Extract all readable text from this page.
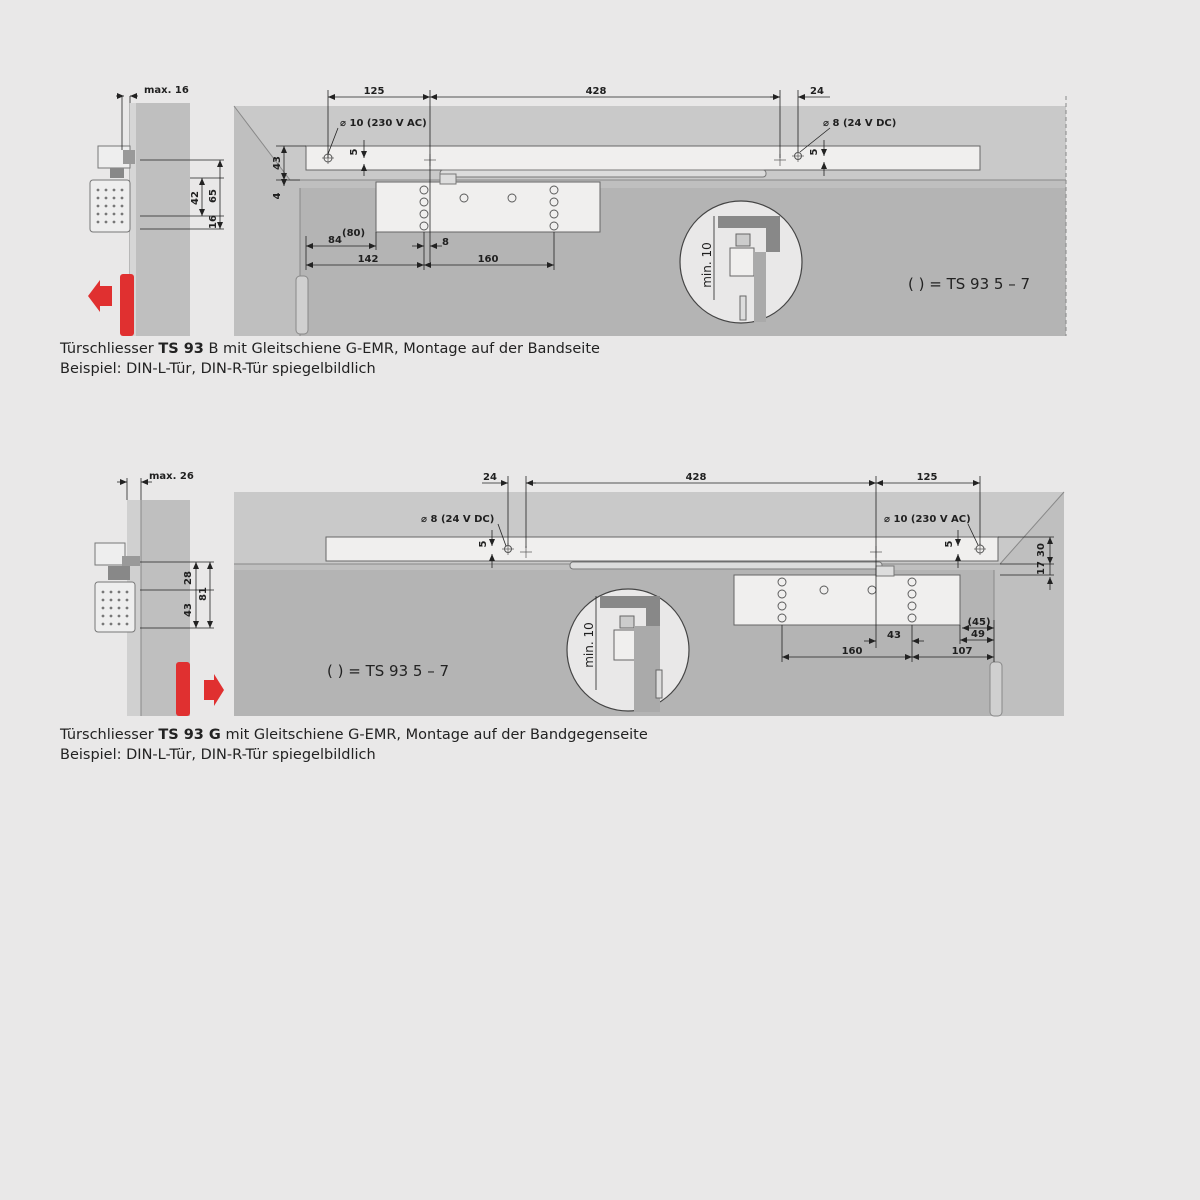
max. 16
65
42
16
125	428	24
⌀ 10 (230 V AC)	⌀ 8 (24 V DC)
5	5
43
4
84
(80)
8
142	160	min. 10	( ) = TS 93 5 – 7
max. 26
28
43
81
24	428	125
⌀ 8 (24 V DC)	⌀ 10 (230 V AC)
5	5	30
17
43	49
(45)
160	107
min. 10
( ) = TS 93 5 – 7
Türschliesser TS 93 B mit Gleitschiene G-EMR, Montage auf der Bandseite
Beispiel: DIN-L-Tür, DIN-R-Tür spiegelbildlich
Türschliesser TS 93 G mit Gleitschiene G-EMR, Montage auf der Bandgegenseite
Beispiel: DIN-L-Tür, DIN-R-Tür spiegelbildlich
